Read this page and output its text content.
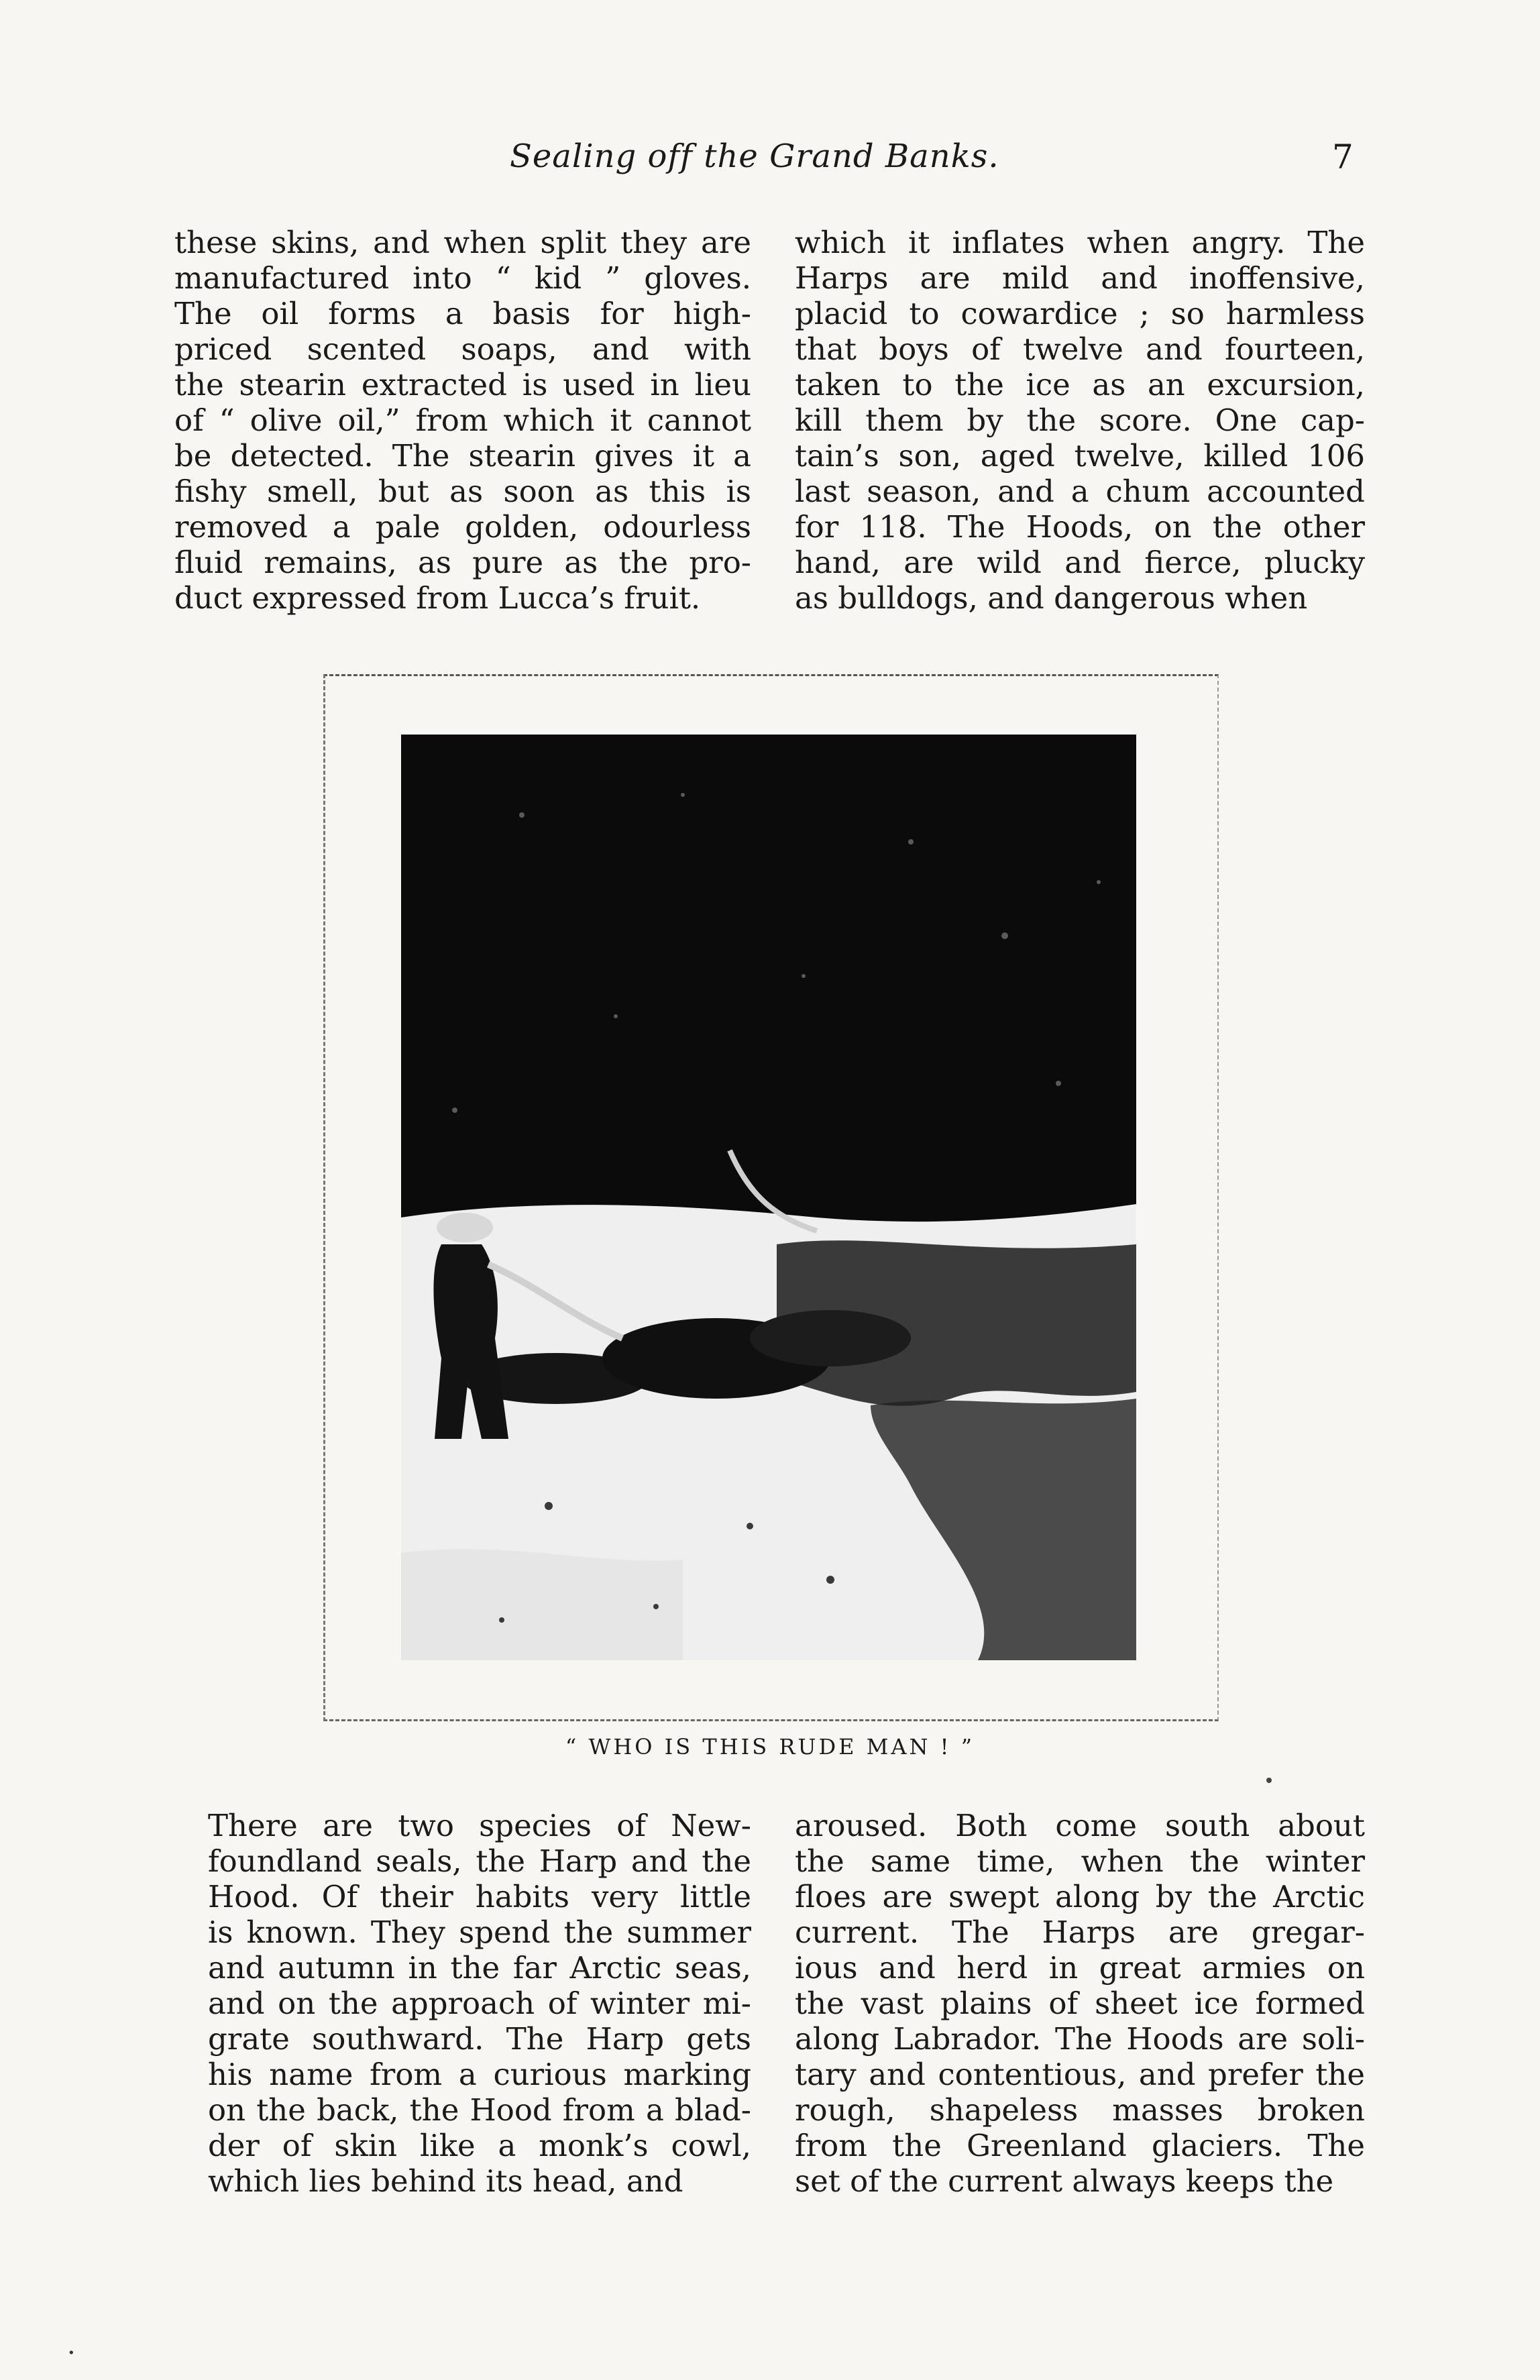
Sealing off the Grand Banks.	7
these skins, and when split they are
manufactured into “ kid ” gloves.
The oil forms a basis for high-
priced scented soaps, and with
the stearin extracted is used in lieu
of “ olive oil,” from which it cannot
be detected. The stearin gives it a
fishy smell, but as soon as this is
removed a pale golden, odourless
fluid remains, as pure as the pro-
duct expressed from Lucca’s fruit.
which it inflates when angry. The
Harps are mild and inoffensive,
placid to cowardice ; so harmless
that boys of twelve and fourteen,
taken to the ice as an excursion,
kill them by the score. One cap-
tain’s son, aged twelve, killed 106
last season, and a chum accounted
for 118. The Hoods, on the other
hand, are wild and fierce, plucky
as bulldogs, and dangerous when
“ WHO IS THIS RUDE MAN ! ”
There are two species of New-
foundland seals, the Harp and the
Hood. Of their habits very little
is known. They spend the summer
and autumn in the far Arctic seas,
and on the approach of winter mi-
grate southward. The Harp gets
his name from a curious marking
on the back, the Hood from a blad-
der of skin like a monk’s cowl,
which lies behind its head, and
aroused. Both come south about
the same time, when the winter
floes are swept along by the Arctic
current. The Harps are gregar-
ious and herd in great armies on
the vast plains of sheet ice formed
along Labrador. The Hoods are soli-
tary and contentious, and prefer the
rough, shapeless masses broken
from the Greenland glaciers. The
set of the current always keeps the
·
